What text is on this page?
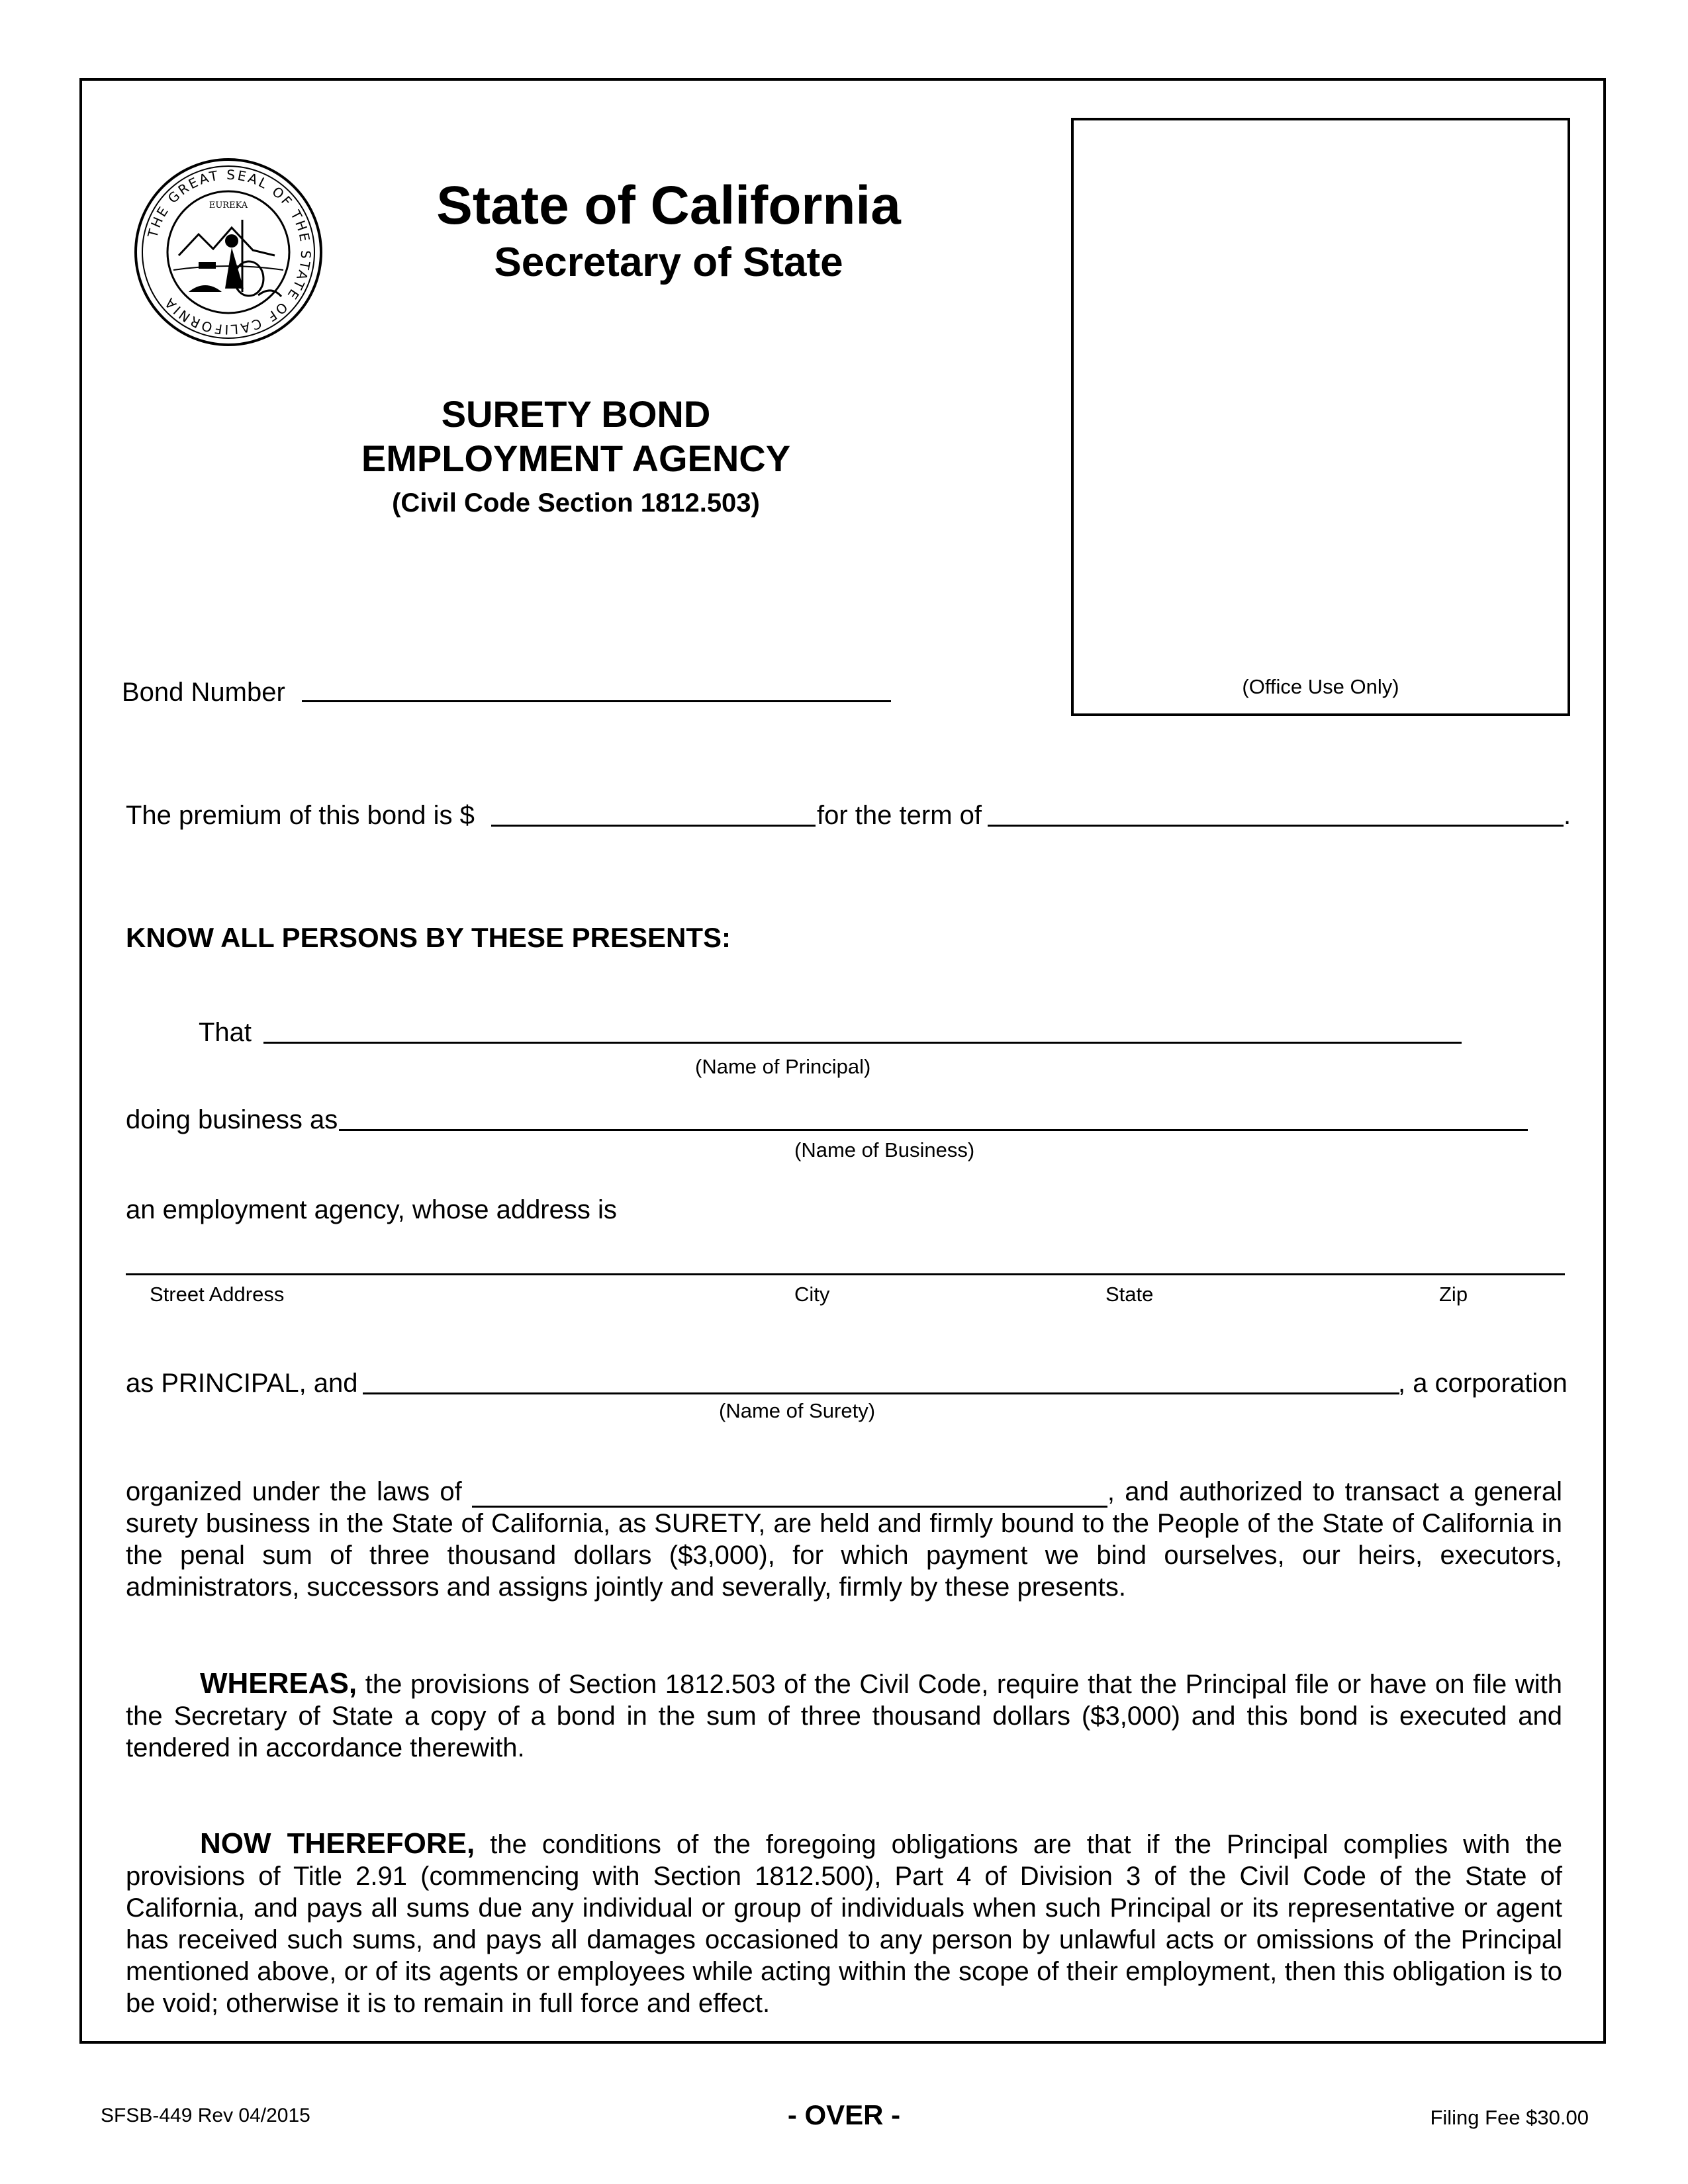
THE GREAT SEAL OF THE STATE OF CALIFORNIA
EUREKA	State of California
Secretary of State
(Office Use Only)
SURETY BOND
EMPLOYMENT AGENCY
(Civil Code Section 1812.503)
Bond Number
The premium of this bond is $	for the term of	.
KNOW ALL PERSONS BY THESE PRESENTS:
That
(Name of Principal)
doing business as
(Name of Business)
an employment agency, whose address is
Street Address	City	State	Zip
as PRINCIPAL, and	, a corporation
(Name of Surety)
organized under the laws of	, and authorized to transact a general surety business in the State of California, as SURETY, are held and firmly bound to the People of the State of California in the penal sum of three thousand dollars ($3,000), for which payment we bind ourselves, our heirs, executors, administrators, successors and assigns jointly and severally, firmly by these presents.
WHEREAS, the provisions of Section 1812.503 of the Civil Code, require that the Principal file or have on file with the Secretary of State a copy of a bond in the sum of three thousand dollars ($3,000) and this bond is executed and tendered in accordance therewith.
NOW THEREFORE, the conditions of the foregoing obligations are that if the Principal complies with the provisions of Title 2.91 (commencing with Section 1812.500), Part 4 of Division 3 of the Civil Code of the State of California, and pays all sums due any individual or group of individuals when such Principal or its representative or agent has received such sums, and pays all damages occasioned to any person by unlawful acts or omissions of the Principal mentioned above, or of its agents or employees while acting within the scope of their employment, then this obligation is to be void; otherwise it is to remain in full force and effect.
SFSB-449 Rev 04/2015	- OVER -	Filing Fee $30.00
